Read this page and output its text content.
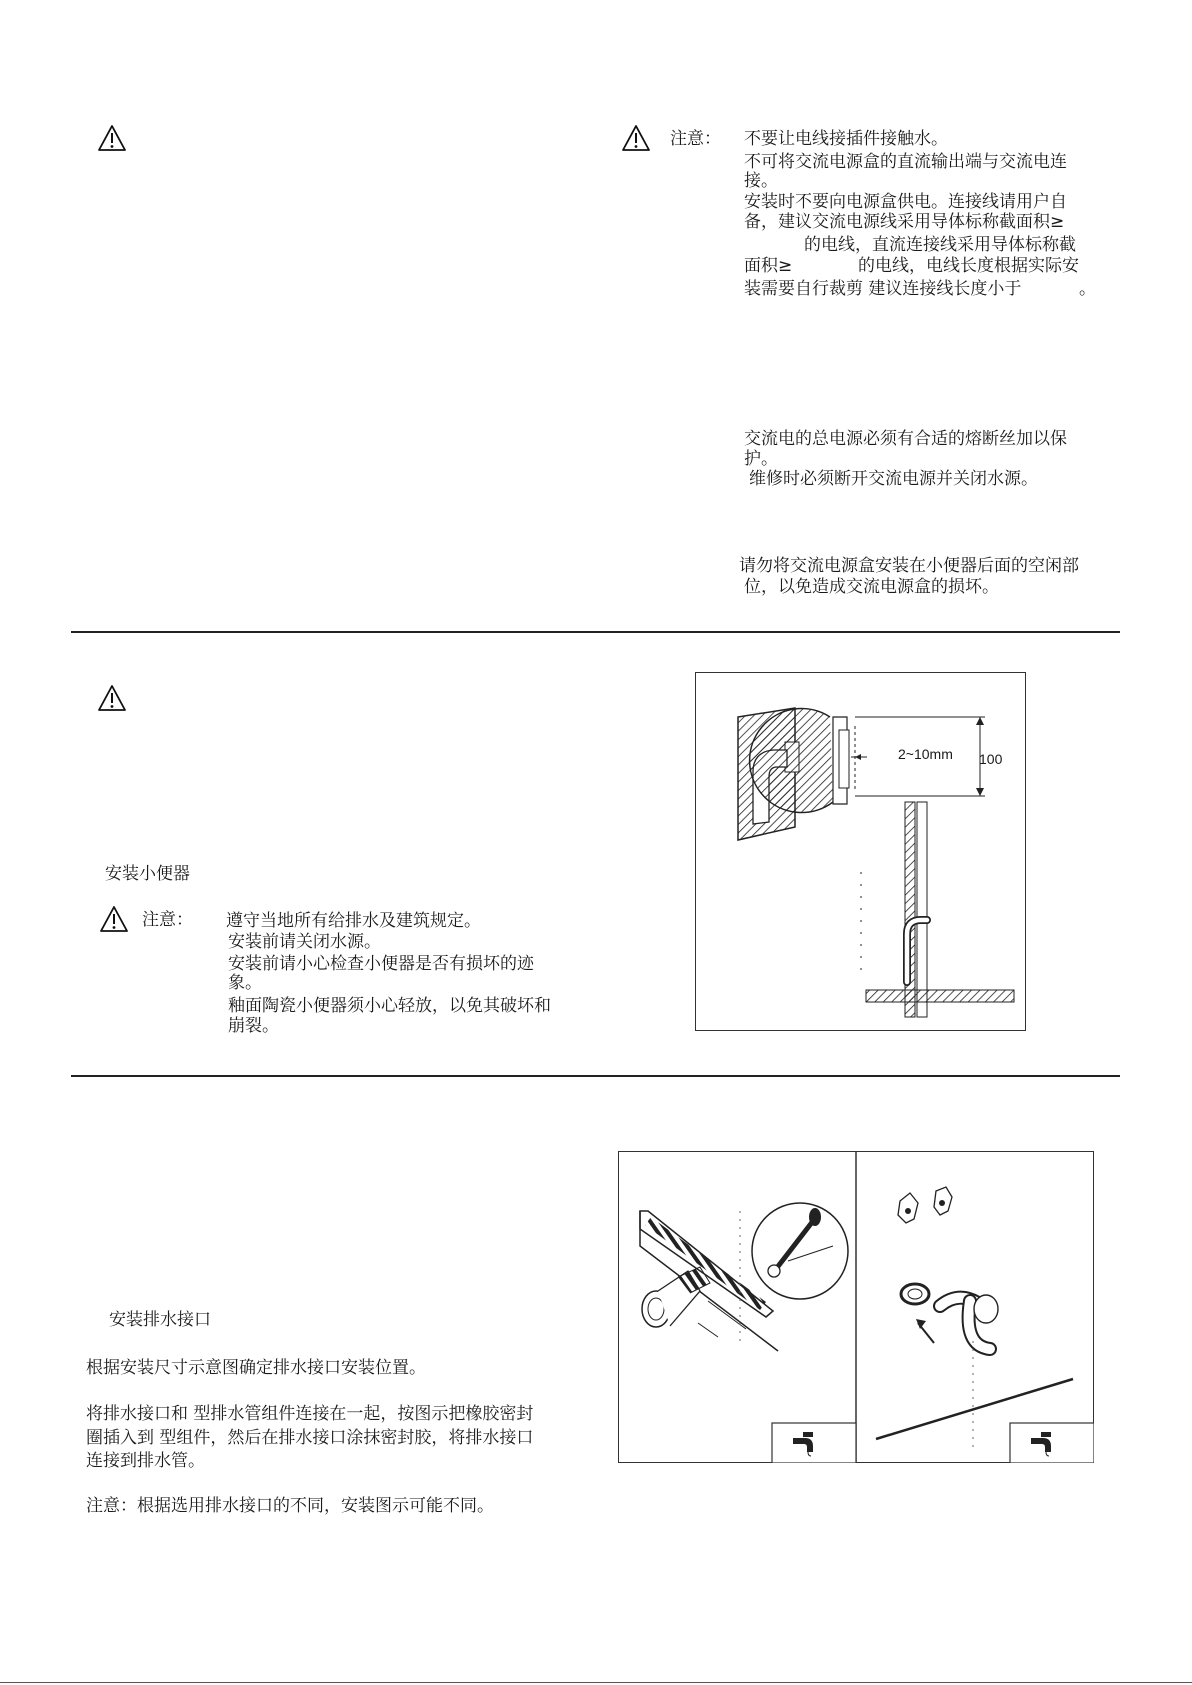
注意： 不要让电线接插件接触水。
不可将交流电源盒的直流输出端与交流电连
接。
安装时不要向电源盒供电。连接线请用户自
备，建议交流电源线采用导体标称截面积≥
的电线，直流连接线采用导体标称截
面积≥	的电线，电线长度根据实际安
装需要自行裁剪 建议连接线长度小于	。
交流电的总电源必须有合适的熔断丝加以保
护。
维修时必须断开交流电源并关闭水源。
请勿将交流电源盒安装在小便器后面的空闲部
位，以免造成交流电源盒的损坏。
安装小便器
注意： 遵守当地所有给排水及建筑规定。
安装前请关闭水源。
安装前请小心检查小便器是否有损坏的迹
象。
釉面陶瓷小便器须小心轻放，以免其破坏和
崩裂。
2~10mm 100
安装排水接口
根据安装尺寸示意图确定排水接口安装位置。
将排水接口和 型排水管组件连接在一起，按图示把橡胶密封
圈插入到 型组件，然后在排水接口涂抹密封胶，将排水接口
连接到排水管。
注意：根据选用排水接口的不同，安装图示可能不同。
